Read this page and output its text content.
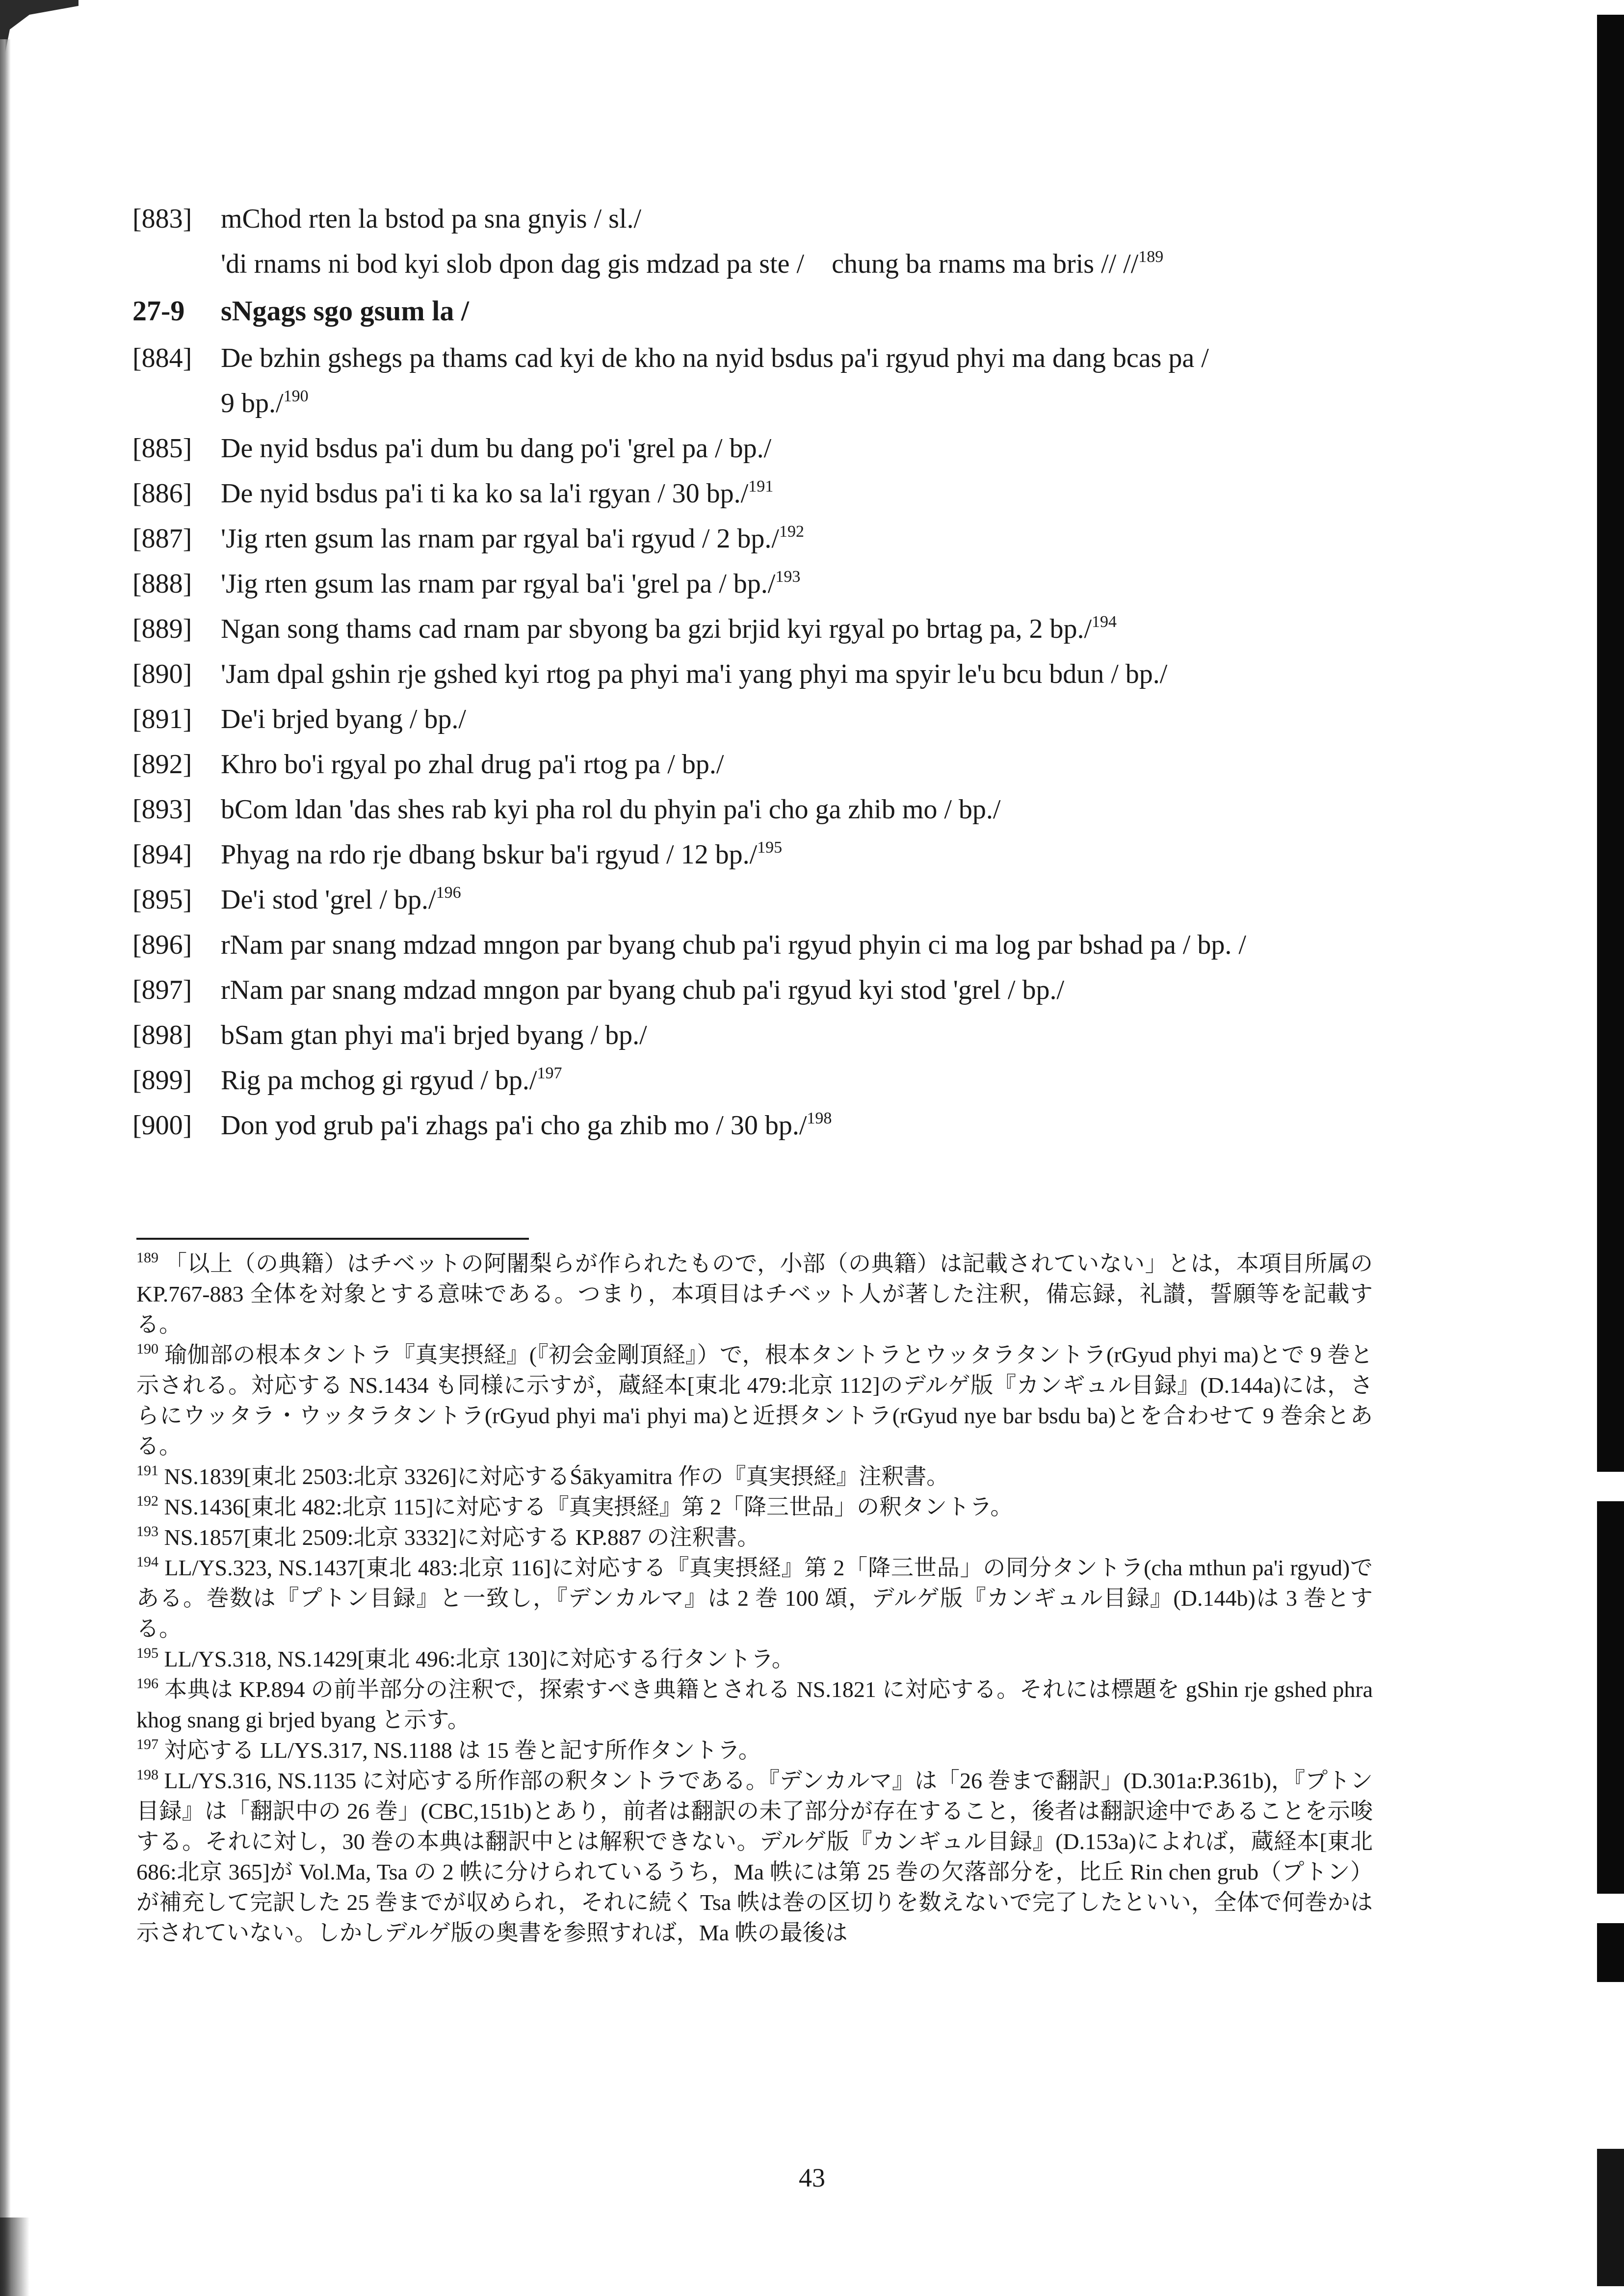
[883] mChod rten la bstod pa sna gnyis / sl./
'di rnams ni bod kyi slob dpon dag gis mdzad pa ste / chung ba rnams ma bris // //$^{189}$
27-9 sNgags sgo gsum la /
[884] De bzhin gshegs pa thams cad kyi de kho na nyid bsdus pa'i rgyud phyi ma dang bcas pa /
9 bp./$^{190}$
[885] De nyid bsdus pa'i dum bu dang po'i 'grel pa / bp./
[886] De nyid bsdus pa'i ti ka ko sa la'i rgyan / 30 bp./$^{191}$
[887] 'Jig rten gsum las rnam par rgyal ba'i rgyud / 2 bp./$^{192}$
[888] 'Jig rten gsum las rnam par rgyal ba'i 'grel pa / bp./$^{193}$
[889] Ngan song thams cad rnam par sbyong ba gzi brjid kyi rgyal po brtag pa, 2 bp./$^{194}$
[890] 'Jam dpal gshin rje gshed kyi rtog pa phyi ma'i yang phyi ma spyir le'u bcu bdun / bp./
[891] De'i brjed byang / bp./
[892] Khro bo'i rgyal po zhal drug pa'i rtog pa / bp./
[893] bCom ldan 'das shes rab kyi pha rol du phyin pa'i cho ga zhib mo / bp./
[894] Phyag na rdo rje dbang bskur ba'i rgyud / 12 bp./$^{195}$
[895] De'i stod 'grel / bp./$^{196}$
[896] rNam par snang mdzad mngon par byang chub pa'i rgyud phyin ci ma log par bshad pa / bp. /
[897] rNam par snang mdzad mngon par byang chub pa'i rgyud kyi stod 'grel / bp./
[898] bSam gtan phyi ma'i brjed byang / bp./
[899] Rig pa mchog gi rgyud / bp./$^{197}$
[900] Don yod grub pa'i zhags pa'i cho ga zhib mo / 30 bp./$^{198}$

$^{189}$ 「以上（の典籍）はチベットの阿闍梨らが作られたもので，小部（の典籍）は記載されていない」とは，本項目所属の KP.767-883 全体を対象とする意味である。つまり，本項目はチベット人が著した注釈，備忘録，礼讃，誓願等を記載する。

$^{190}$ 瑜伽部の根本タントラ『真実摂経』(『初会金剛頂経』）で，根本タントラとウッタラタントラ(rGyud phyi ma)とで 9 巻と示される。対応する NS.1434 も同様に示すが，蔵経本[東北 479:北京 112]のデルゲ版『カンギュル目録』(D.144a)には，さらにウッタラ・ウッタラタントラ(rGyud phyi ma'i phyi ma)と近摂タントラ(rGyud nye bar bsdu ba)とを合わせて 9 巻余とある。

$^{191}$ NS.1839[東北 2503:北京 3326]に対応するŚākyamitra 作の『真実摂経』注釈書。

$^{192}$ NS.1436[東北 482:北京 115]に対応する『真実摂経』第 2「降三世品」の釈タントラ。

$^{193}$ NS.1857[東北 2509:北京 3332]に対応する KP.887 の注釈書。

$^{194}$ LL/YS.323, NS.1437[東北 483:北京 116]に対応する『真実摂経』第 2「降三世品」の同分タントラ(cha mthun pa'i rgyud)である。巻数は『プトン目録』と一致し，『デンカルマ』は 2 巻 100 頌，デルゲ版『カンギュル目録』(D.144b)は 3 巻とする。

$^{195}$ LL/YS.318, NS.1429[東北 496:北京 130]に対応する行タントラ。

$^{196}$ 本典は KP.894 の前半部分の注釈で，探索すべき典籍とされる NS.1821 に対応する。それには標題を gShin rje gshed phra khog snang gi brjed byang と示す。

$^{197}$ 対応する LL/YS.317, NS.1188 は 15 巻と記す所作タントラ。

$^{198}$ LL/YS.316, NS.1135 に対応する所作部の釈タントラである。『デンカルマ』は「26 巻まで翻訳」(D.301a:P.361b)，『プトン目録』は「翻訳中の 26 巻」(CBC,151b)とあり，前者は翻訳の未了部分が存在すること，後者は翻訳途中であることを示唆する。それに対し，30 巻の本典は翻訳中とは解釈できない。デルゲ版『カンギュル目録』(D.153a)によれば，蔵経本[東北 686:北京 365]が Vol.Ma, Tsa の 2 帙に分けられているうち，Ma 帙には第 25 巻の欠落部分を，比丘 Rin chen grub（プトン）が補充して完訳した 25 巻までが収められ，それに続く Tsa 帙は巻の区切りを数えないで完了したといい，全体で何巻かは示されていない。しかしデルゲ版の奥書を参照すれば，Ma 帙の最後は

43
